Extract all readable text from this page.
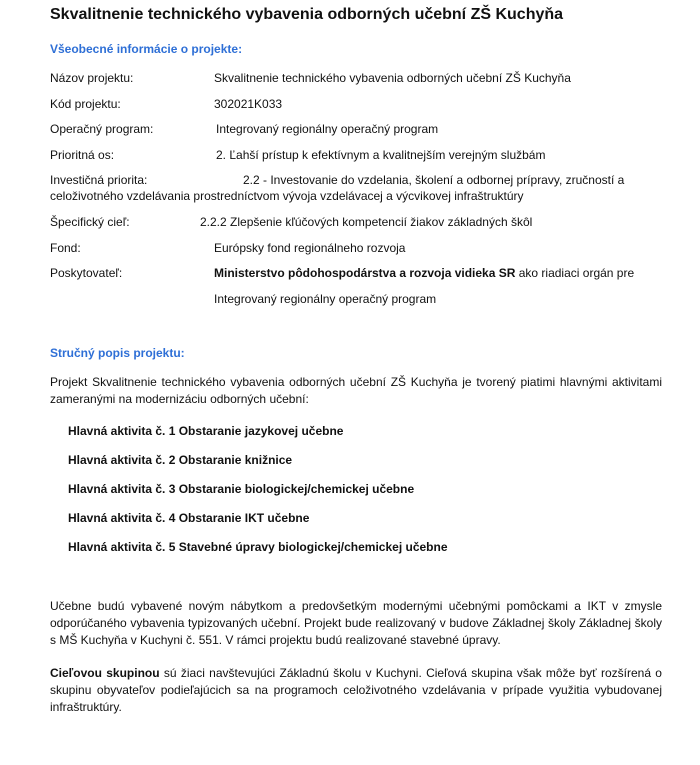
Skvalitnenie technického vybavenia odborných učební ZŠ Kuchyňa
Všeobecné informácie o projekte:
Názov projektu:	Skvalitnenie technického vybavenia odborných učební ZŠ Kuchyňa
Kód projektu:	302021K033
Operačný program:	Integrovaný regionálny operačný program
Prioritná os:	2. Ľahší prístup k efektívnym a kvalitnejším verejným službám
Investičná priorita:	2.2 - Investovanie do vzdelania, školení a odbornej prípravy, zručností a
celoživotného vzdelávania prostredníctvom vývoja vzdelávacej a výcvikovej infraštruktúry
Špecifický cieľ:	2.2.2 Zlepšenie kľúčových kompetencií žiakov základných škôl
Fond:	Európsky fond regionálneho rozvoja
Poskytovateľ:	Ministerstvo pôdohospodárstva a rozvoja vidieka SR ako riadiaci orgán pre
Integrovaný regionálny operačný program
Stručný popis projektu:
Projekt Skvalitnenie technického vybavenia odborných učební ZŠ Kuchyňa je tvorený piatimi hlavnými aktivitami zameranými na modernizáciu odborných učební:
Hlavná aktivita č. 1 Obstaranie jazykovej učebne
Hlavná aktivita č. 2 Obstaranie knižnice
Hlavná aktivita č. 3 Obstaranie biologickej/chemickej učebne
Hlavná aktivita č. 4 Obstaranie IKT učebne
Hlavná aktivita č. 5 Stavebné úpravy biologickej/chemickej učebne
Učebne budú vybavené novým nábytkom a predovšetkým modernými učebnými pomôckami a IKT v zmysle odporúčaného vybavenia typizovaných učební. Projekt bude realizovaný v budove Základnej školy Základnej školy s MŠ Kuchyňa v Kuchyni č. 551. V rámci projektu budú realizované stavebné úpravy.
Cieľovou skupinou sú žiaci navštevujúci Základnú školu v Kuchyni. Cieľová skupina však môže byť rozšírená o skupinu obyvateľov podieľajúcich sa na programoch celoživotného vzdelávania v prípade využitia vybudovanej infraštruktúry.
